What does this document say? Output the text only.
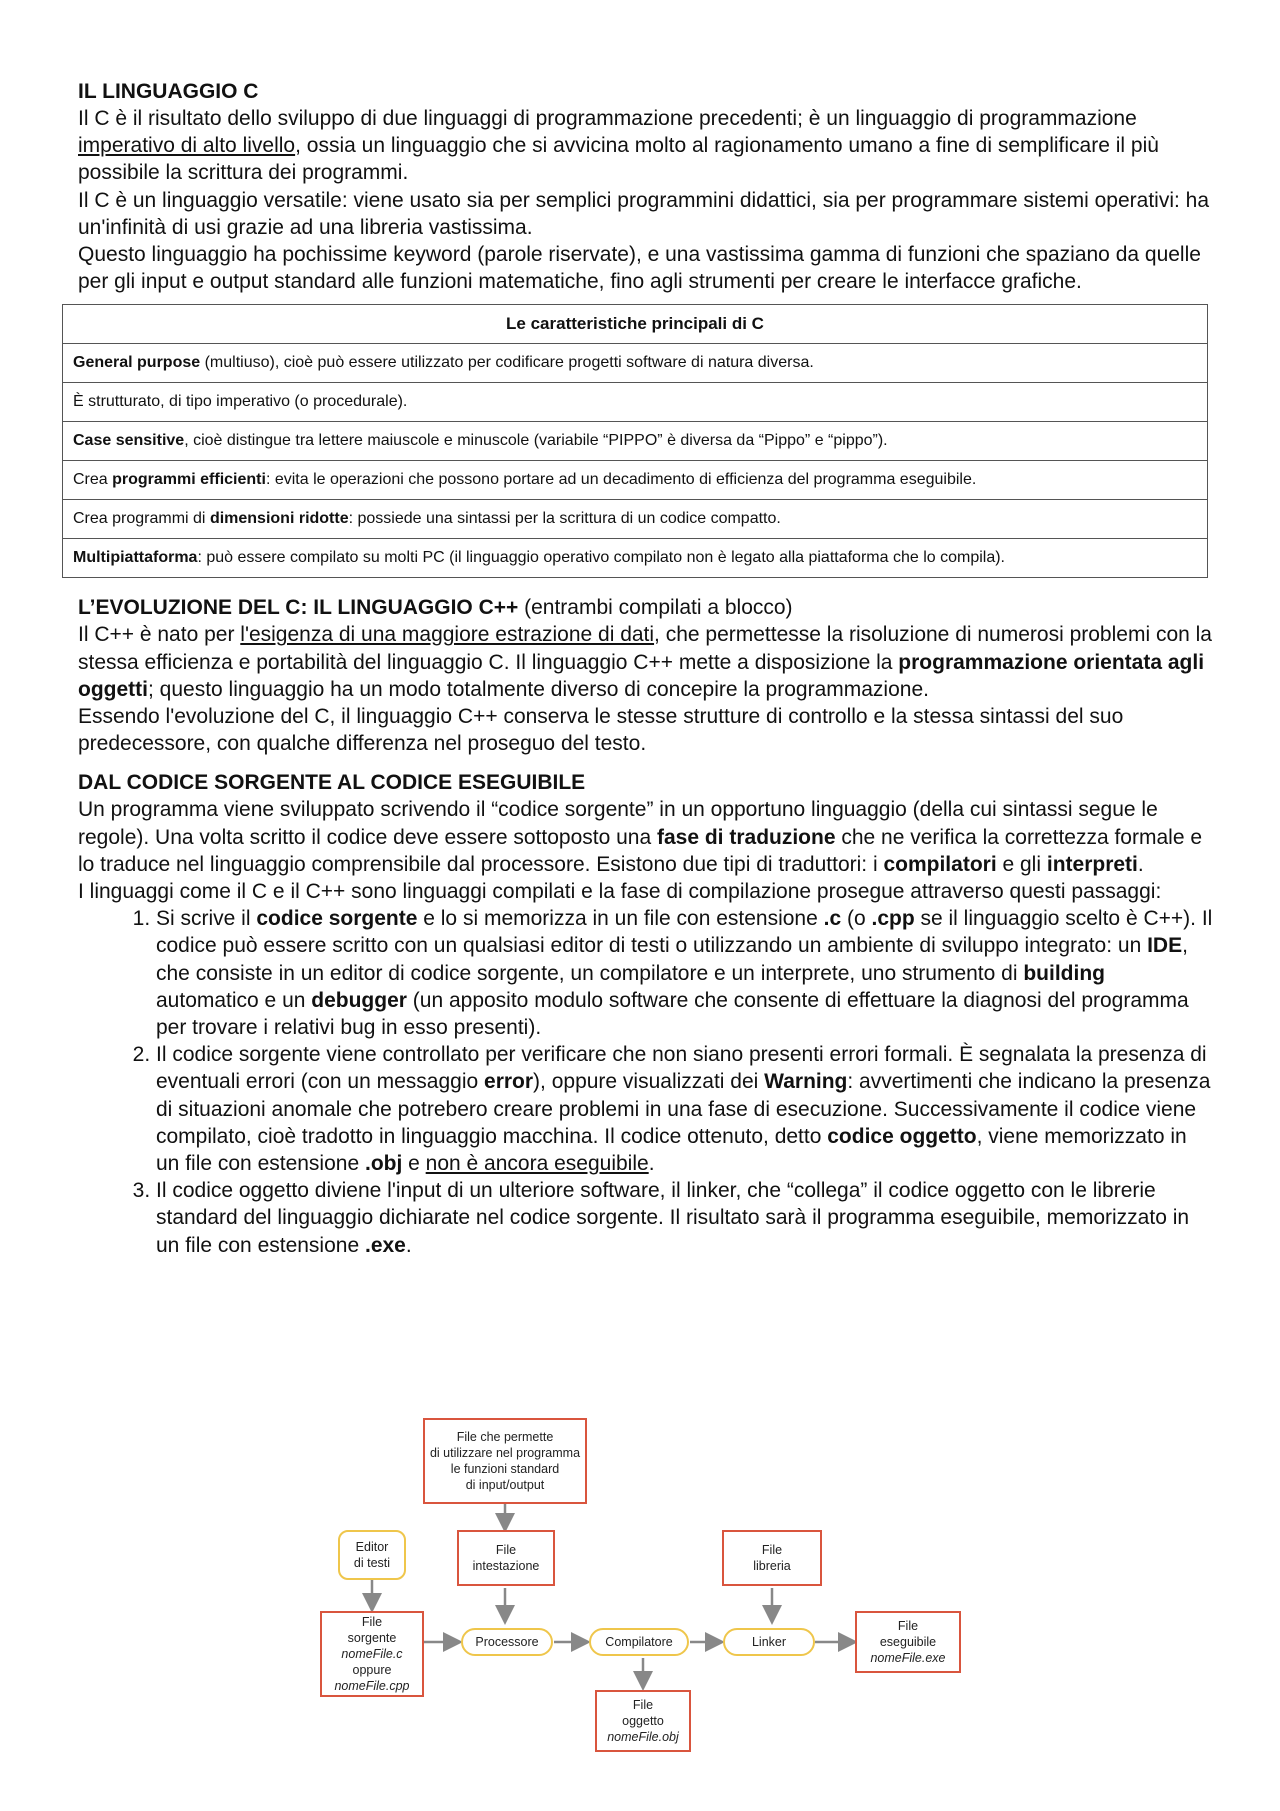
IL LINGUAGGIO C

Il C è il risultato dello sviluppo di due linguaggi di programmazione precedenti; è un linguaggio di programmazione imperativo di alto livello, ossia un linguaggio che si avvicina molto al ragionamento umano a fine di semplificare il più possibile la scrittura dei programmi.

Il C è un linguaggio versatile: viene usato sia per semplici programmini didattici, sia per programmare sistemi operativi: ha un'infinità di usi grazie ad una libreria vastissima.

Questo linguaggio ha pochissime keyword (parole riservate), e una vastissima gamma di funzioni che spaziano da quelle per gli input e output standard alle funzioni matematiche, fino agli strumenti per creare le interfacce grafiche.

Le caratteristiche principali di C
General purpose (multiuso), cioè può essere utilizzato per codificare progetti software di natura diversa.
È strutturato, di tipo imperativo (o procedurale).
Case sensitive, cioè distingue tra lettere maiuscole e minuscole (variabile “PIPPO” è diversa da “Pippo” e “pippo”).
Crea programmi efficienti: evita le operazioni che possono portare ad un decadimento di efficienza del programma eseguibile.
Crea programmi di dimensioni ridotte: possiede una sintassi per la scrittura di un codice compatto.
Multipiattaforma: può essere compilato su molti PC (il linguaggio operativo compilato non è legato alla piattaforma che lo compila).
L’EVOLUZIONE DEL C: IL LINGUAGGIO C++ (entrambi compilati a blocco)

Il C++ è nato per l'esigenza di una maggiore estrazione di dati, che permettesse la risoluzione di numerosi problemi con la stessa efficienza e portabilità del linguaggio C. Il linguaggio C++ mette a disposizione la programmazione orientata agli oggetti; questo linguaggio ha un modo totalmente diverso di concepire la programmazione.

Essendo l'evoluzione del C, il linguaggio C++ conserva le stesse strutture di controllo e la stessa sintassi del suo predecessore, con qualche differenza nel proseguo del testo.

DAL CODICE SORGENTE AL CODICE ESEGUIBILE

Un programma viene sviluppato scrivendo il “codice sorgente” in un opportuno linguaggio (della cui sintassi segue le regole). Una volta scritto il codice deve essere sottoposto una fase di traduzione che ne verifica la correttezza formale e lo traduce nel linguaggio comprensibile dal processore. Esistono due tipi di traduttori: i compilatori e gli interpreti.

I linguaggi come il C e il C++ sono linguaggi compilati e la fase di compilazione prosegue attraverso questi passaggi:

1. Si scrive il codice sorgente e lo si memorizza in un file con estensione .c (o .cpp se il linguaggio scelto è C++). Il codice può essere scritto con un qualsiasi editor di testi o utilizzando un ambiente di sviluppo integrato: un IDE, che consiste in un editor di codice sorgente, un compilatore e un interprete, uno strumento di building automatico e un debugger (un apposito modulo software che consente di effettuare la diagnosi del programma per trovare i relativi bug in esso presenti).
2. Il codice sorgente viene controllato per verificare che non siano presenti errori formali. È segnalata la presenza di eventuali errori (con un messaggio error), oppure visualizzati dei Warning: avvertimenti che indicano la presenza di situazioni anomale che potrebero creare problemi in una fase di esecuzione. Successivamente il codice viene compilato, cioè tradotto in linguaggio macchina. Il codice ottenuto, detto codice oggetto, viene memorizzato in un file con estensione .obj e non è ancora eseguibile.
3. Il codice oggetto diviene l'input di un ulteriore software, il linker, che “collega” il codice oggetto con le librerie standard del linguaggio dichiarate nel codice sorgente. Il risultato sarà il programma eseguibile, memorizzato in un file con estensione .exe.
File che permette
di utilizzare nel programma
le funzioni standard
di input/output
Editor
di testi
File
intestazione
File
libreria
File
sorgente
nomeFile.c
oppure
nomeFile.cpp
Processore	Compilatore	Linker
File
eseguibile
nomeFile.exe
File
oggetto
nomeFile.obj
